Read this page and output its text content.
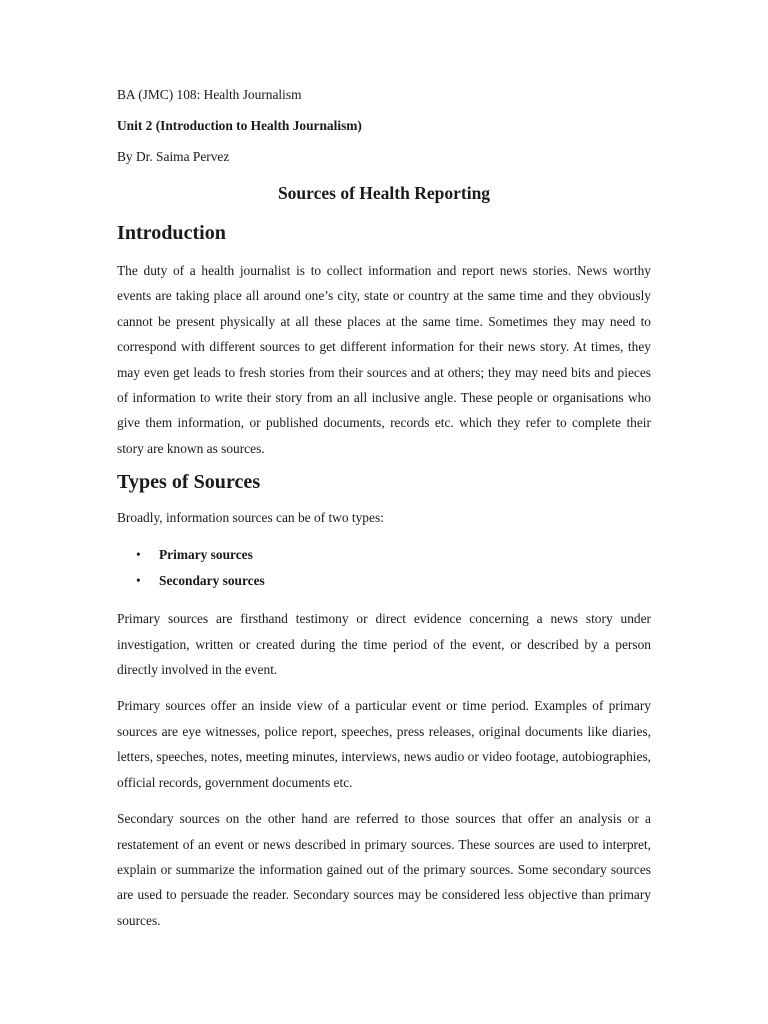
BA (JMC) 108: Health Journalism

Unit 2 (Introduction to Health Journalism)

By Dr. Saima Pervez

Sources of Health Reporting
Introduction

The duty of a health journalist is to collect information and report news stories. News worthy events are taking place all around one’s city, state or country at the same time and they obviously cannot be present physically at all these places at the same time. Sometimes they may need to correspond with different sources to get different information for their news story. At times, they may even get leads to fresh stories from their sources and at others; they may need bits and pieces of information to write their story from an all inclusive angle. These people or organisations who give them information, or published documents, records etc. which they refer to complete their story are known as sources.

Types of Sources

Broadly, information sources can be of two types:

• Primary sources
• Secondary sources

Primary sources are firsthand testimony or direct evidence concerning a news story under investigation, written or created during the time period of the event, or described by a person directly involved in the event.

Primary sources offer an inside view of a particular event or time period. Examples of primary sources are eye witnesses, police report, speeches, press releases, original documents like diaries, letters, speeches, notes, meeting minutes, interviews, news audio or video footage, autobiographies, official records, government documents etc.

Secondary sources on the other hand are referred to those sources that offer an analysis or a restatement of an event or news described in primary sources. These sources are used to interpret, explain or summarize the information gained out of the primary sources. Some secondary sources are used to persuade the reader. Secondary sources may be considered less objective than primary sources.
